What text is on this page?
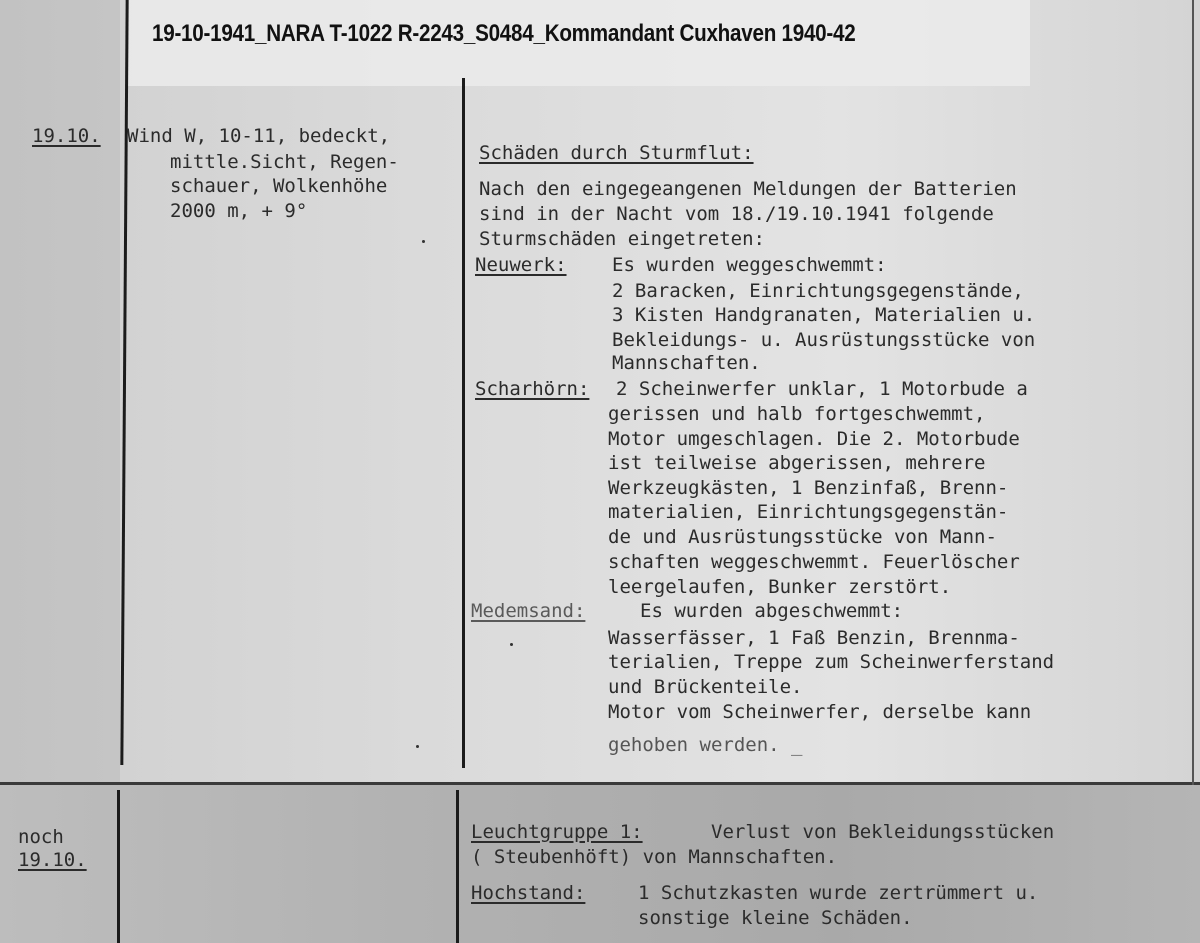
19-10-1941_NARA T-1022 R-2243_S0484_Kommandant Cuxhaven 1940-42
19.10. Wind W, 10-11, bedeckt,
mittle.Sicht, Regen-
schauer, Wolkenhöhe
2000 m, + 9°
Schäden durch Sturmflut:
Nach den eingegeangenen Meldungen der Batterien
sind in der Nacht vom 18./19.10.1941 folgende
Sturmschäden eingetreten:
Neuwerk: Es wurden weggeschwemmt:
2 Baracken, Einrichtungsgegenstände,
3 Kisten Handgranaten, Materialien u.
Bekleidungs- u. Ausrüstungsstücke von
Mannschaften.
Scharhörn: 2 Scheinwerfer unklar, 1 Motorbude a
gerissen und halb fortgeschwemmt,
Motor umgeschlagen. Die 2. Motorbude
ist teilweise abgerissen, mehrere
Werkzeugkästen, 1 Benzinfaß, Brenn-
materialien, Einrichtungsgegenstän-
de und Ausrüstungsstücke von Mann-
schaften weggeschwemmt. Feuerlöscher
leergelaufen, Bunker zerstört.
Medemsand:	Es wurden abgeschwemmt:
Wasserfässer, 1 Faß Benzin, Brennma-
terialien, Treppe zum Scheinwerferstand
und Brückenteile.
Motor vom Scheinwerfer, derselbe kann
gehoben werden. _
noch
19.10.
Leuchtgruppe 1:	Verlust von Bekleidungsstücken
( Steubenhöft) von Mannschaften.
Hochstand:	1 Schutzkasten wurde zertrümmert u.
sonstige kleine Schäden.
